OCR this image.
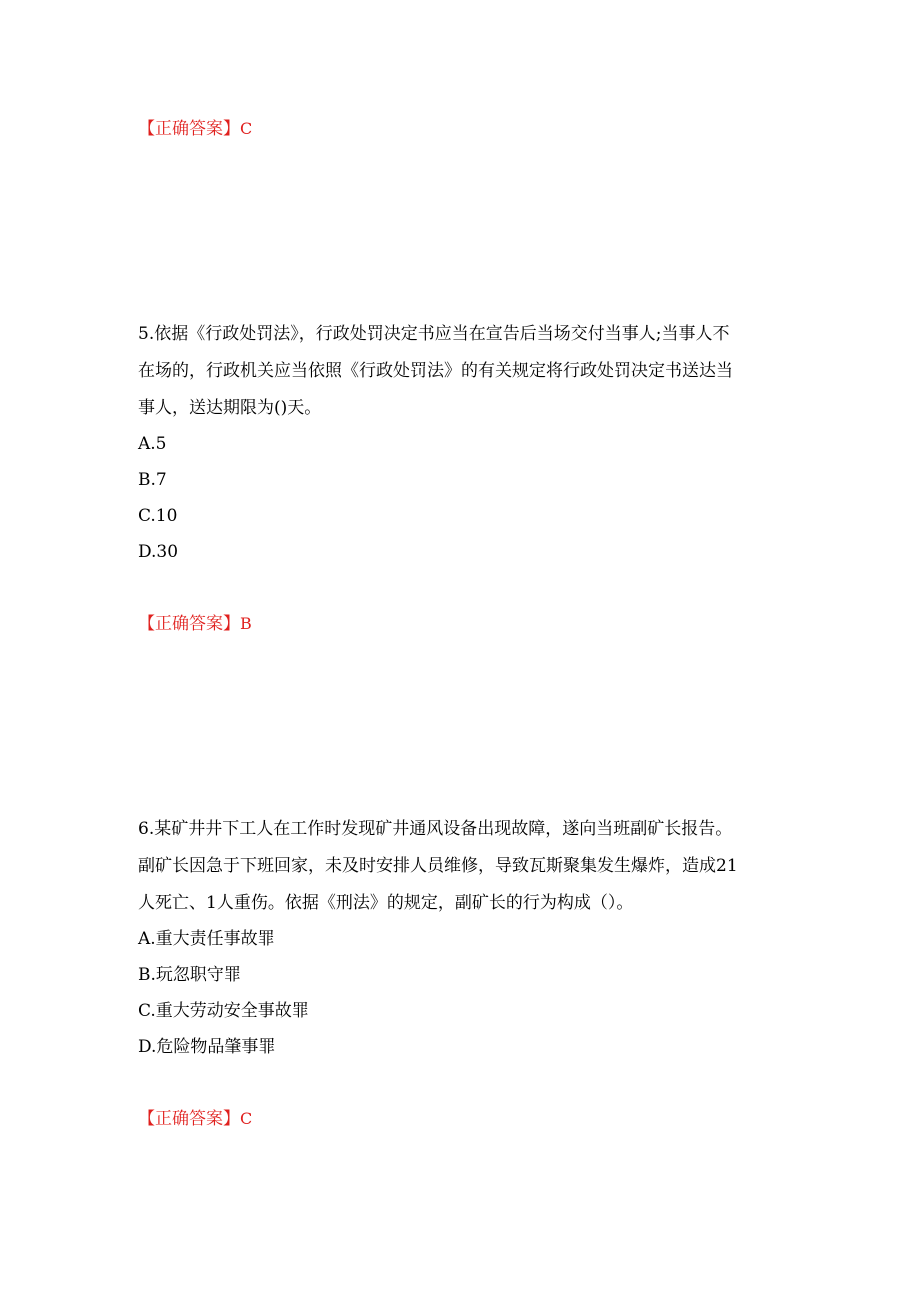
【正确答案】C
5.依据《行政处罚法》，行政处罚决定书应当在宣告后当场交付当事人;当事人不
在场的，行政机关应当依照《行政处罚法》的有关规定将行政处罚决定书送达当
事人，送达期限为()天。
A.5
B.7
C.10
D.30
【正确答案】B
6.某矿井井下工人在工作时发现矿井通风设备出现故障，遂向当班副矿长报告。
副矿长因急于下班回家，未及时安排人员维修，导致瓦斯聚集发生爆炸，造成21
人死亡、1人重伤。依据《刑法》的规定，副矿长的行为构成（）。
A.重大责任事故罪
B.玩忽职守罪
C.重大劳动安全事故罪
D.危险物品肇事罪
【正确答案】C
